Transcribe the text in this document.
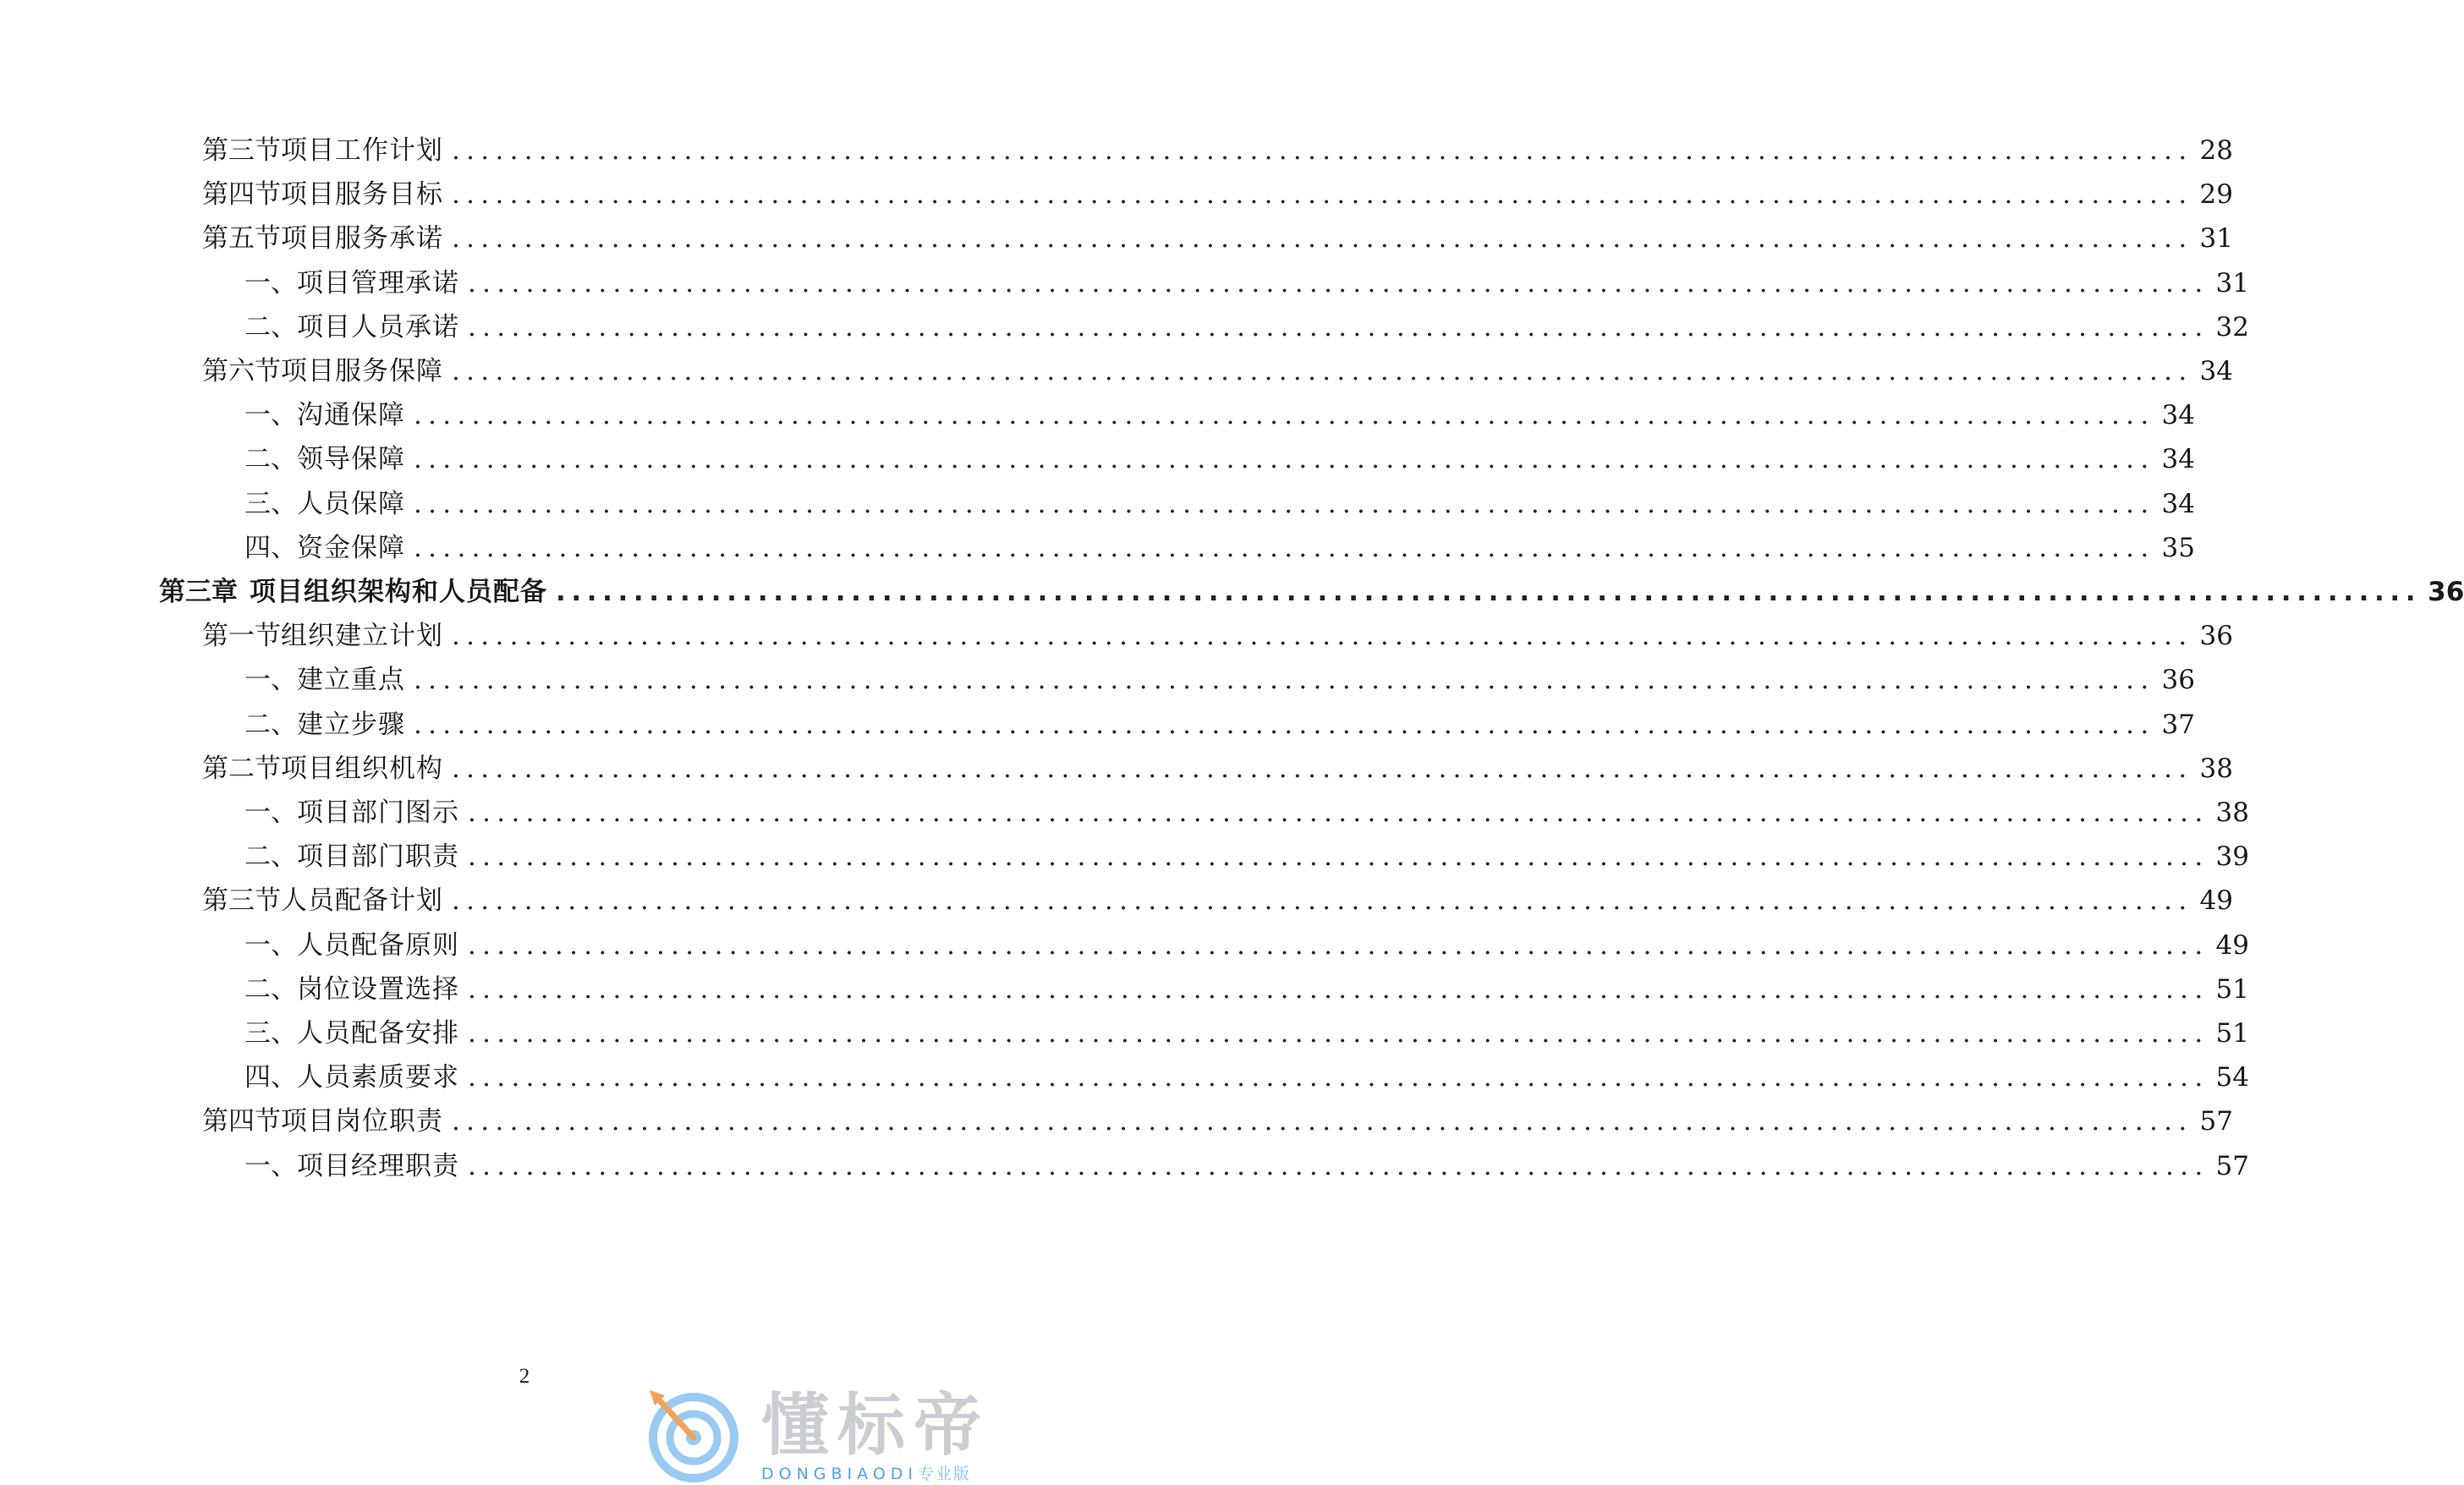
第三节 项目工作计划 ........................................................................................................................ 28
第四节 项目服务目标 ........................................................................................................................ 29
第五节 项目服务承诺 ........................................................................................................................ 31
一、 项目管理承诺 ........................................................................................................................ 31
二、 项目人员承诺 ........................................................................................................................ 32
第六节 项目服务保障 ........................................................................................................................ 34
一、 沟通保障 ........................................................................................................................ 34
二、 领导保障 ........................................................................................................................ 34
三、 人员保障 ........................................................................................................................ 34
四、 资金保障 ........................................................................................................................ 35
第三章 项目组织架构和人员配备 ........................................................................................................................ 36
第一节 组织建立计划 ........................................................................................................................ 36
一、 建立重点 ........................................................................................................................ 36
二、 建立步骤 ........................................................................................................................ 37
第二节 项目组织机构 ........................................................................................................................ 38
一、 项目部门图示 ........................................................................................................................ 38
二、 项目部门职责 ........................................................................................................................ 39
第三节 人员配备计划 ........................................................................................................................ 49
一、 人员配备原则 ........................................................................................................................ 49
二、 岗位设置选择 ........................................................................................................................ 51
三、 人员配备安排 ........................................................................................................................ 51
四、 人员素质要求 ........................................................................................................................ 54
第四节 项目岗位职责 ........................................................................................................................ 57
一、 项目经理职责 ........................................................................................................................ 57
2
懂标帝
DONGBIAODI专业版
